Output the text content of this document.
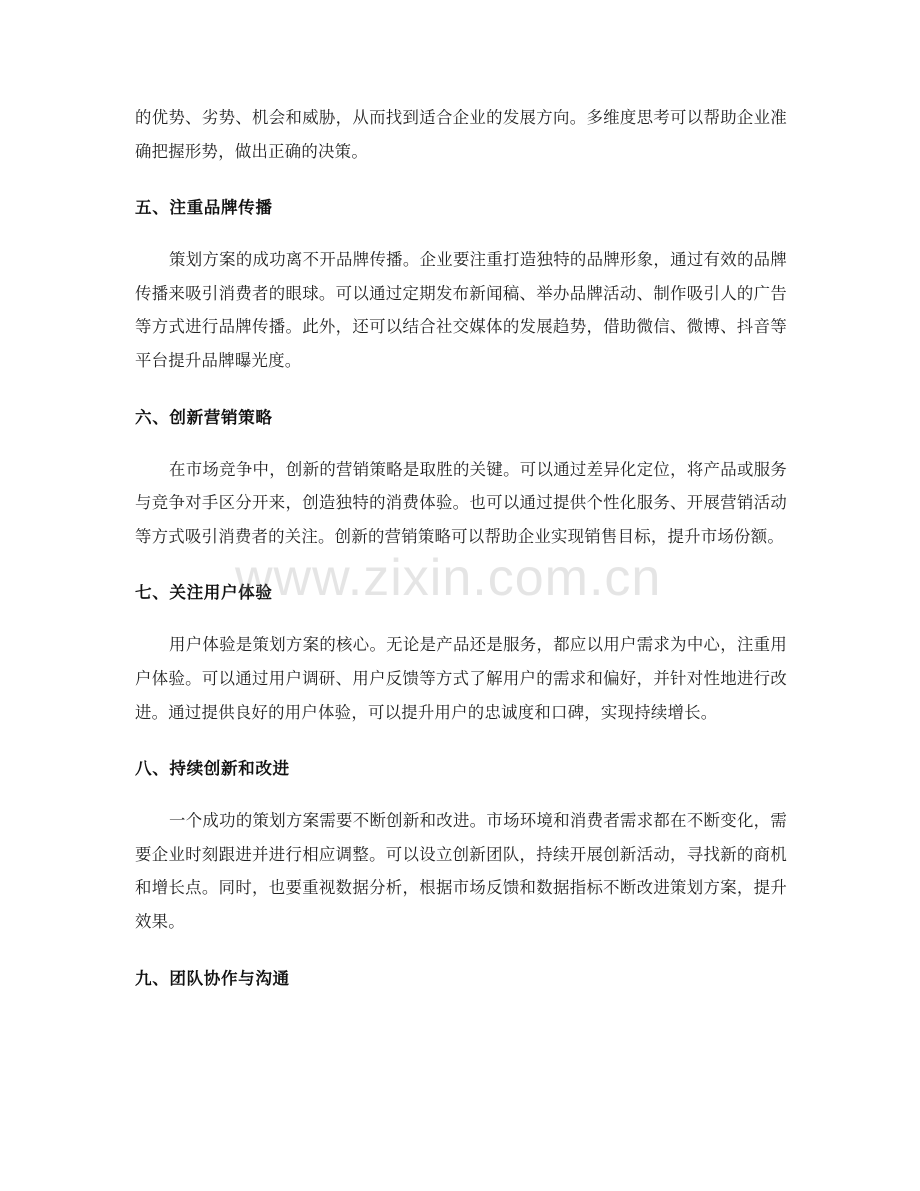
的优势、劣势、机会和威胁，从而找到适合企业的发展方向。多维度思考可以帮助企业准确把握形势，做出正确的决策。

五、注重品牌传播

策划方案的成功离不开品牌传播。企业要注重打造独特的品牌形象，通过有效的品牌传播来吸引消费者的眼球。可以通过定期发布新闻稿、举办品牌活动、制作吸引人的广告等方式进行品牌传播。此外，还可以结合社交媒体的发展趋势，借助微信、微博、抖音等平台提升品牌曝光度。

六、创新营销策略

在市场竞争中，创新的营销策略是取胜的关键。可以通过差异化定位，将产品或服务与竞争对手区分开来，创造独特的消费体验。也可以通过提供个性化服务、开展营销活动等方式吸引消费者的关注。创新的营销策略可以帮助企业实现销售目标，提升市场份额。

七、关注用户体验

用户体验是策划方案的核心。无论是产品还是服务，都应以用户需求为中心，注重用户体验。可以通过用户调研、用户反馈等方式了解用户的需求和偏好，并针对性地进行改进。通过提供良好的用户体验，可以提升用户的忠诚度和口碑，实现持续增长。

八、持续创新和改进

一个成功的策划方案需要不断创新和改进。市场环境和消费者需求都在不断变化，需要企业时刻跟进并进行相应调整。可以设立创新团队，持续开展创新活动，寻找新的商机和增长点。同时，也要重视数据分析，根据市场反馈和数据指标不断改进策划方案，提升效果。

九、团队协作与沟通
www.zixin.com.cn
